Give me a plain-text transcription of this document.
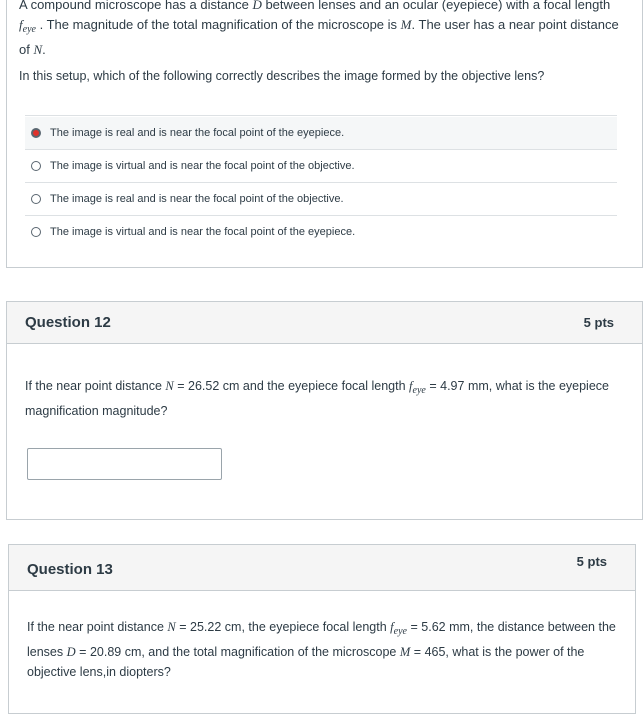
A compound microscope has a distance D between lenses and an ocular (eyepiece) with a focal length $f_{eye}$ . The magnitude of the total magnification of the microscope is M. The user has a near point distance of N.
In this setup, which of the following correctly describes the image formed by the objective lens?
The image is real and is near the focal point of the eyepiece.
The image is virtual and is near the focal point of the objective.
The image is real and is near the focal point of the objective.
The image is virtual and is near the focal point of the eyepiece.
Question 12	5 pts
If the near point distance N = 26.52 cm and the eyepiece focal length $f_{eye} = 4.97$ mm, what is the eyepiece magnification magnitude?
Question 13	5 pts
If the near point distance N = 25.22 cm, the eyepiece focal length $f_{eye} = 5.62$ mm, the distance between the lenses D = 20.89 cm, and the total magnification of the microscope M = 465, what is the power of the objective lens,in diopters?
